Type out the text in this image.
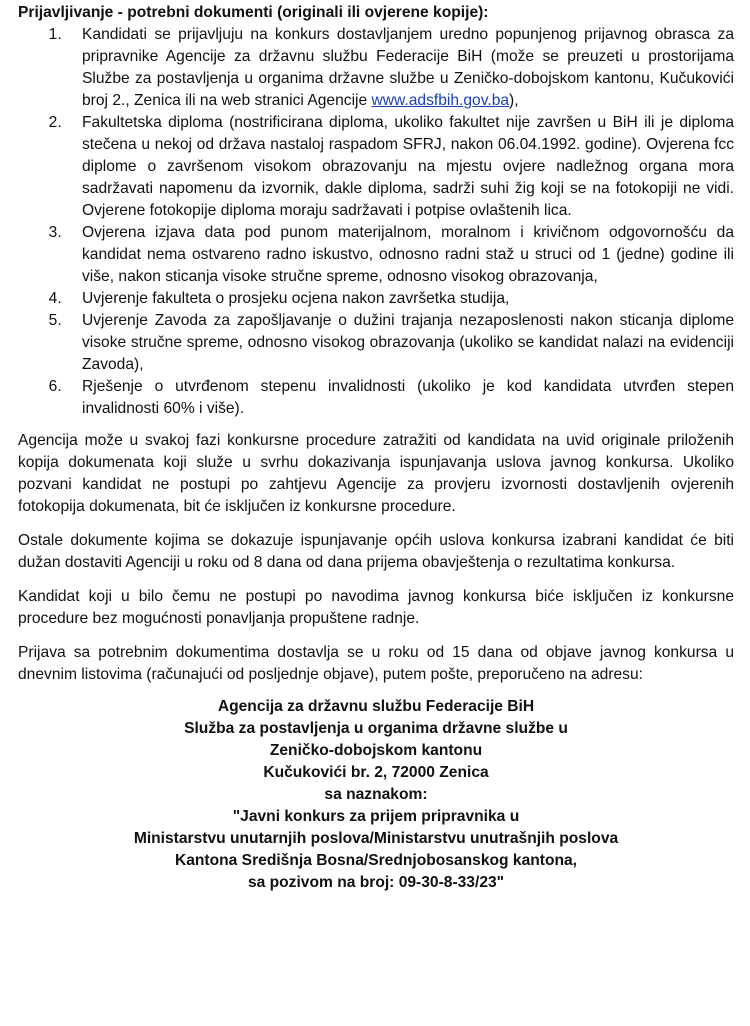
Prijavljivanje - potrebni dokumenti (originali ili ovjerene kopije):

1. Kandidati se prijavljuju na konkurs dostavljanjem uredno popunjenog prijavnog obrasca za pripravnike Agencije za državnu službu Federacije BiH (može se preuzeti u prostorijama Službe za postavljenja u organima državne službe u Zeničko-dobojskom kantonu, Kučukovići broj 2., Zenica ili na web stranici Agencije www.adsfbih.gov.ba),
2. Fakultetska diploma (nostrificirana diploma, ukoliko fakultet nije završen u BiH ili je diploma stečena u nekoj od država nastaloj raspadom SFRJ, nakon 06.04.1992. godine). Ovjerena fcc diplome o završenom visokom obrazovanju na mjestu ovjere nadležnog organa mora sadržavati napomenu da izvornik, dakle diploma, sadrži suhi žig koji se na fotokopiji ne vidi. Ovjerene fotokopije diploma moraju sadržavati i potpise ovlaštenih lica.
3. Ovjerena izjava data pod punom materijalnom, moralnom i krivičnom odgovornošću da kandidat nema ostvareno radno iskustvo, odnosno radni staž u struci od 1 (jedne) godine ili više, nakon sticanja visoke stručne spreme, odnosno visokog obrazovanja,
4. Uvjerenje fakulteta o prosjeku ocjena nakon završetka studija,
5. Uvjerenje Zavoda za zapošljavanje o dužini trajanja nezaposlenosti nakon sticanja diplome visoke stručne spreme, odnosno visokog obrazovanja (ukoliko se kandidat nalazi na evidenciji Zavoda),
6. Rješenje o utvrđenom stepenu invalidnosti (ukoliko je kod kandidata utvrđen stepen invalidnosti 60% i više).

Agencija može u svakoj fazi konkursne procedure zatražiti od kandidata na uvid originale priloženih kopija dokumenata koji služe u svrhu dokazivanja ispunjavanja uslova javnog konkursa. Ukoliko pozvani kandidat ne postupi po zahtjevu Agencije za provjeru izvornosti dostavljenih ovjerenih fotokopija dokumenata, bit će isključen iz konkursne procedure.

Ostale dokumente kojima se dokazuje ispunjavanje općih uslova konkursa izabrani kandidat će biti dužan dostaviti Agenciji u roku od 8 dana od dana prijema obavještenja o rezultatima konkursa.

Kandidat koji u bilo čemu ne postupi po navodima javnog konkursa biće isključen iz konkursne procedure bez mogućnosti ponavljanja propuštene radnje.

Prijava sa potrebnim dokumentima dostavlja se u roku od 15 dana od objave javnog konkursa u dnevnim listovima (računajući od posljednje objave), putem pošte, preporučeno na adresu:

Agencija za državnu službu Federacije BiH
Služba za postavljenja u organima državne službe u
Zeničko-dobojskom kantonu
Kučukovići br. 2, 72000 Zenica
sa naznakom:
"Javni konkurs za prijem pripravnika u
Ministarstvu unutarnjih poslova/Ministarstvu unutrašnjih poslova
Kantona Središnja Bosna/Srednjobosanskog kantona,
sa pozivom na broj: 09-30-8-33/23"
